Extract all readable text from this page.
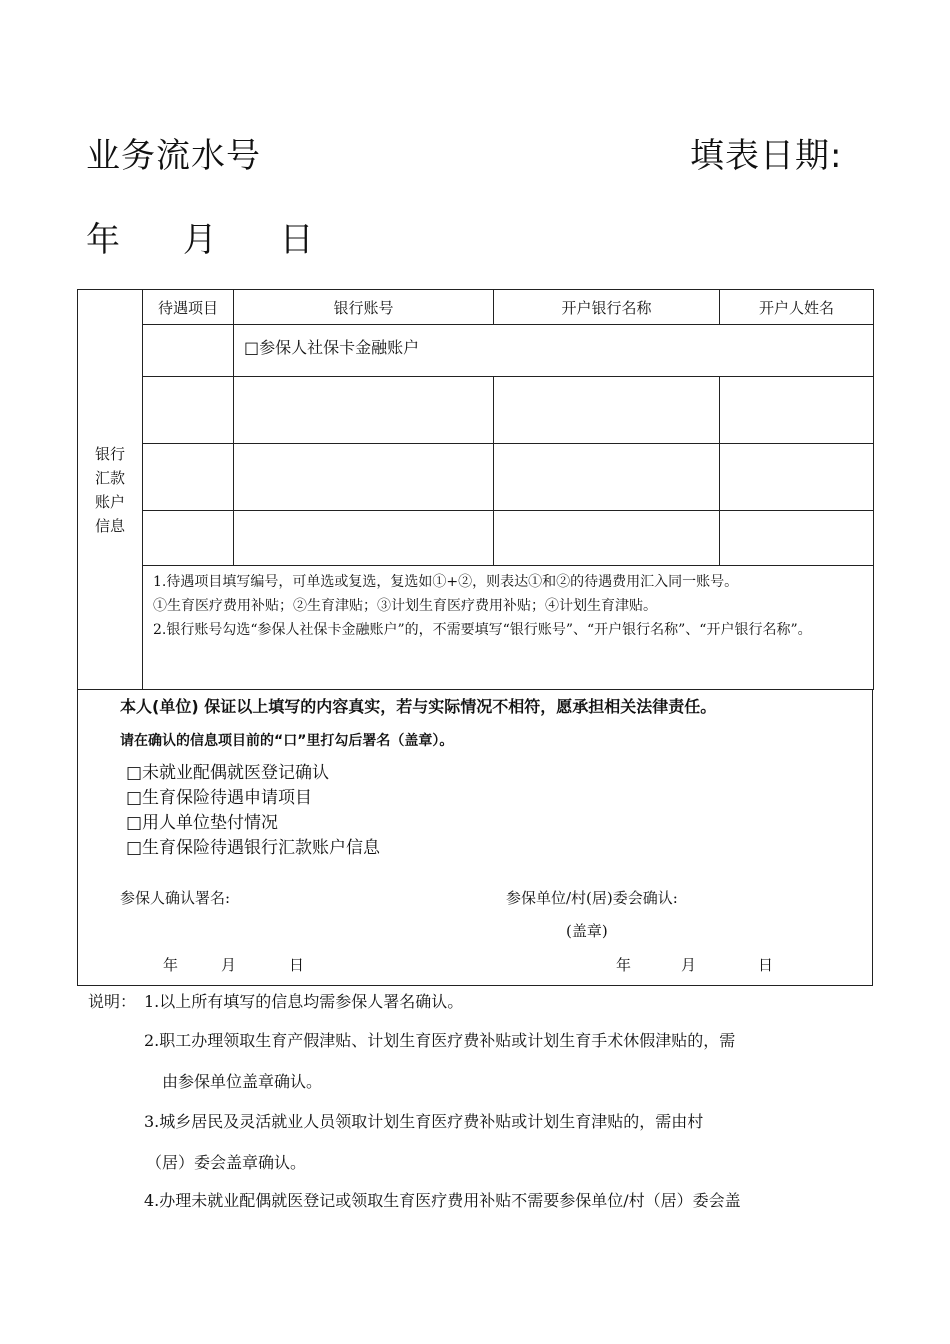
业务流水号	填表日期:
年 月 日
银行
汇款
账户
信息	待遇项目	银行账号	开户银行名称	开户人姓名
		□参保人社保卡金融账户		

	1.待遇项目填写编号，可单选或复选，复选如①+②，则表达①和②的待遇费用汇入同一账号。
①生育医疗费用补贴；②生育津贴；③计划生育医疗费用补贴；④计划生育津贴。
2.银行账号勾选“参保人社保卡金融账户”的，不需要填写“银行账号”、“开户银行名称”、“开户银行名称”。			
本人(单位) 保证以上填写的内容真实，若与实际情况不相符，愿承担相关法律责任。
请在确认的信息项目前的“口”里打勾后署名（盖章）。
□未就业配偶就医登记确认
□生育保险待遇申请项目
□用人单位垫付情况
□生育保险待遇银行汇款账户信息
参保人确认署名:	参保单位/村(居)委会确认:
(盖章)
年	月	日	年	月	日
说明： 1.以上所有填写的信息均需参保人署名确认。
2.职工办理领取生育产假津贴、计划生育医疗费补贴或计划生育手术休假津贴的，需
由参保单位盖章确认。
3.城乡居民及灵活就业人员领取计划生育医疗费补贴或计划生育津贴的，需由村
（居）委会盖章确认。
4.办理未就业配偶就医登记或领取生育医疗费用补贴不需要参保单位/村（居）委会盖
